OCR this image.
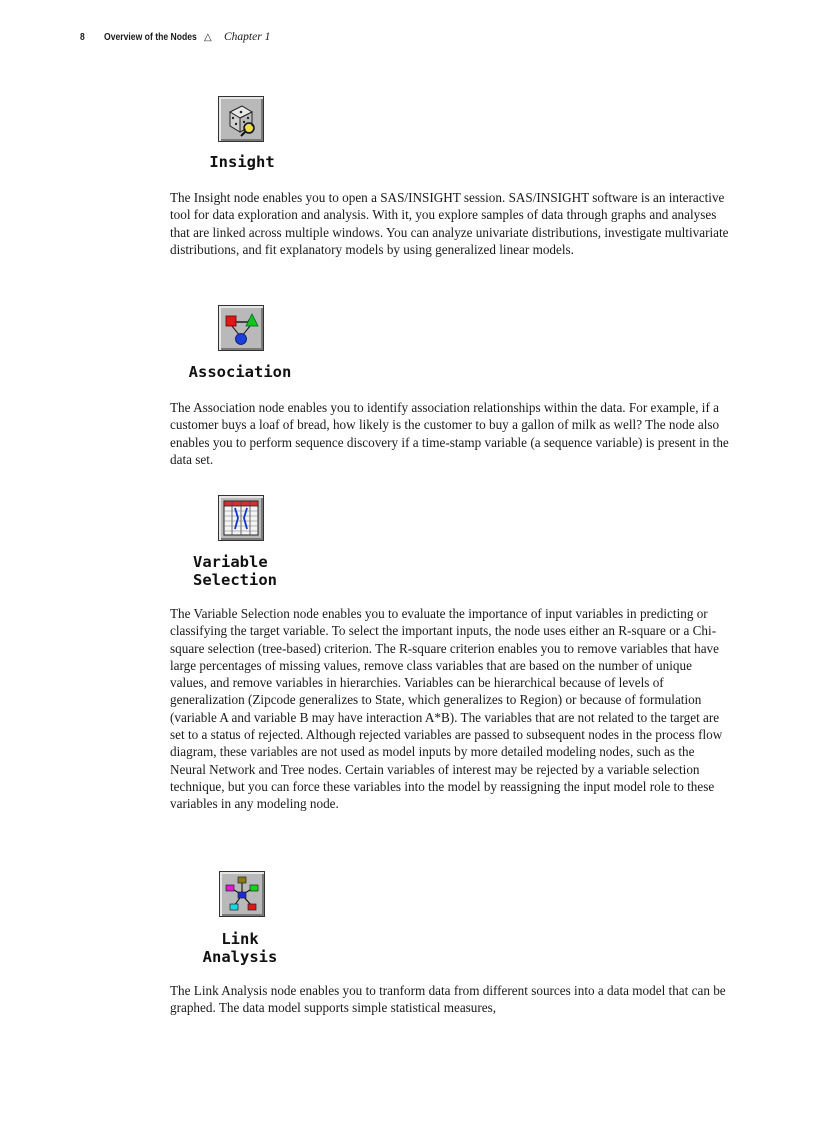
8	Overview of the Nodes △	Chapter 1
Insight

The Insight node enables you to open a SAS/INSIGHT session. SAS/INSIGHT software is an interactive tool for data exploration and analysis. With it, you explore samples of data through graphs and analyses that are linked across multiple windows. You can analyze univariate distributions, investigate multivariate distributions, and fit explanatory models by using generalized linear models.

Association

The Association node enables you to identify association relationships within the data. For example, if a customer buys a loaf of bread, how likely is the customer to buy a gallon of milk as well? The node also enables you to perform sequence discovery if a time-stamp variable (a sequence variable) is present in the data set.

Variable
Selection

The Variable Selection node enables you to evaluate the importance of input variables in predicting or classifying the target variable. To select the important inputs, the node uses either an R-square or a Chi-square selection (tree-based) criterion. The R-square criterion enables you to remove variables that have large percentages of missing values, remove class variables that are based on the number of unique values, and remove variables in hierarchies. Variables can be hierarchical because of levels of generalization (Zipcode generalizes to State, which generalizes to Region) or because of formulation (variable A and variable B may have interaction A*B). The variables that are not related to the target are set to a status of rejected. Although rejected variables are passed to subsequent nodes in the process flow diagram, these variables are not used as model inputs by more detailed modeling nodes, such as the Neural Network and Tree nodes. Certain variables of interest may be rejected by a variable selection technique, but you can force these variables into the model by reassigning the input model role to these variables in any modeling node.

Link
Analysis

The Link Analysis node enables you to tranform data from different sources into a data model that can be graphed. The data model supports simple statistical measures,
